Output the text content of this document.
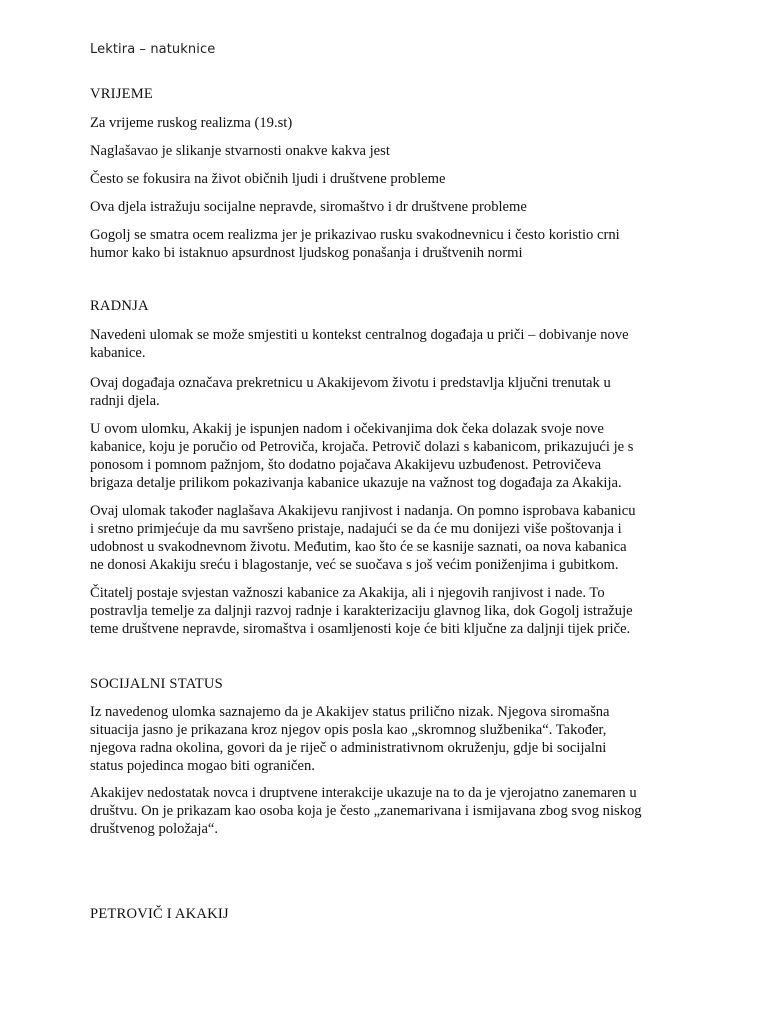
Lektira – natuknice
VRIJEME

Za vrijeme ruskog realizma (19.st)

Naglašavao je slikanje stvarnosti onakve kakva jest

Često se fokusira na život običnih ljudi i društvene probleme

Ova djela istražuju socijalne nepravde, siromaštvo i dr društvene probleme

Gogolj se smatra ocem realizma jer je prikazivao rusku svakodnevnicu i često koristio crni
humor kako bi istaknuo apsurdnost ljudskog ponašanja i društvenih normi

RADNJA

Navedeni ulomak se može smjestiti u kontekst centralnog događaja u priči – dobivanje nove
kabanice.

Ovaj događaja označava prekretnicu u Akakijevom životu i predstavlja ključni trenutak u
radnji djela.

U ovom ulomku, Akakij je ispunjen nadom i očekivanjima dok čeka dolazak svoje nove
kabanice, koju je poručio od Petroviča, krojača. Petrovič dolazi s kabanicom, prikazujući je s
ponosom i pomnom pažnjom, što dodatno pojačava Akakijevu uzbuđenost. Petrovičeva
brigaza detalje prilikom pokazivanja kabanice ukazuje na važnost tog događaja za Akakija.

Ovaj ulomak također naglašava Akakijevu ranjivost i nadanja. On pomno isprobava kabanicu
i sretno primjećuje da mu savršeno pristaje, nadajući se da će mu donijezi više poštovanja i
udobnost u svakodnevnom životu. Međutim, kao što će se kasnije saznati, oa nova kabanica
ne donosi Akakiju sreću i blagostanje, već se suočava s još većim poniženjima i gubitkom.

Čitatelj postaje svjestan važnoszi kabanice za Akakija, ali i njegovih ranjivost i nade. To
postravlja temelje za daljnji razvoj radnje i karakterizaciju glavnog lika, dok Gogolj istražuje
teme društvene nepravde, siromaštva i osamljenosti koje će biti ključne za daljnji tijek priče.

SOCIJALNI STATUS

Iz navedenog ulomka saznajemo da je Akakijev status prilično nizak. Njegova siromašna
situacija jasno je prikazana kroz njegov opis posla kao „skromnog službenika“. Također,
njegova radna okolina, govori da je riječ o administrativnom okruženju, gdje bi socijalni
status pojedinca mogao biti ograničen.

Akakijev nedostatak novca i druptvene interakcije ukazuje na to da je vjerojatno zanemaren u
društvu. On je prikazam kao osoba koja je često „zanemarivana i ismijavana zbog svog niskog
društvenog položaja“.

PETROVIČ I AKAKIJ
